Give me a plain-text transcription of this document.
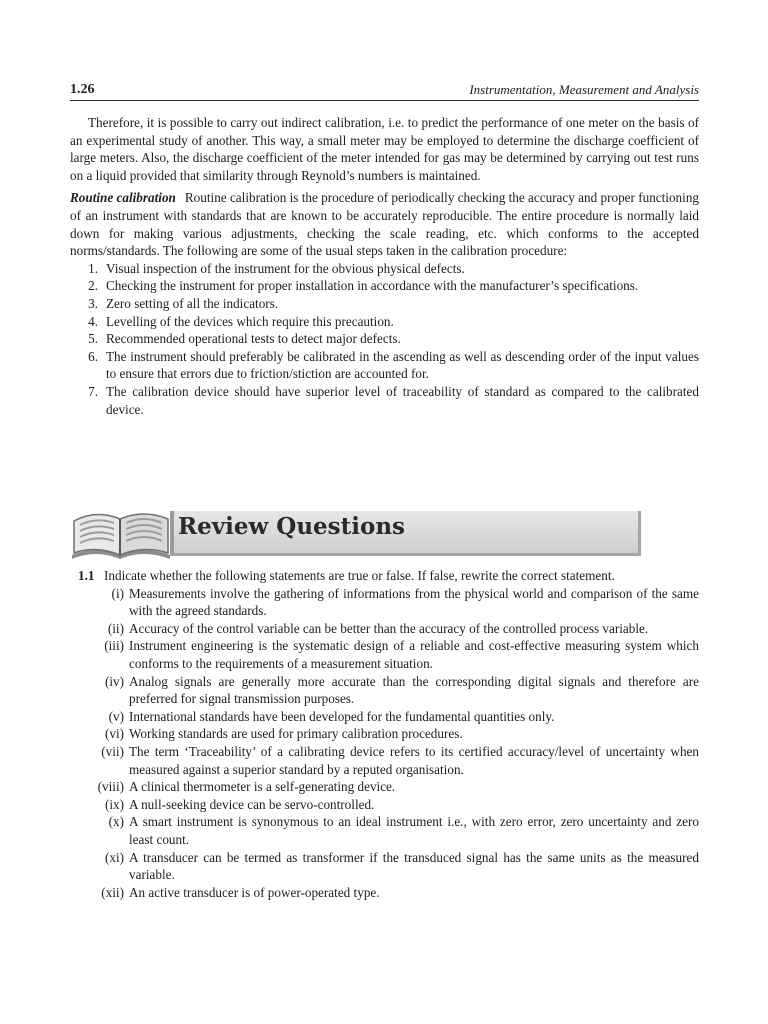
1.26	Instrumentation, Measurement and Analysis

Therefore, it is possible to carry out indirect calibration, i.e. to predict the performance of one meter on the basis of an experimental study of another. This way, a small meter may be employed to determine the discharge coefficient of large meters. Also, the discharge coefficient of the meter intended for gas may be determined by carrying out test runs on a liquid provided that similarity through Reynold’s numbers is maintained.

Routine calibration Routine calibration is the procedure of periodically checking the accuracy and proper functioning of an instrument with standards that are known to be accurately reproducible. The entire procedure is normally laid down for making various adjustments, checking the scale reading, etc. which conforms to the accepted norms/standards. The following are some of the usual steps taken in the calibration procedure:

1. Visual inspection of the instrument for the obvious physical defects.
2. Checking the instrument for proper installation in accordance with the manufacturer’s specifications.
3. Zero setting of all the indicators.
4. Levelling of the devices which require this precaution.
5. Recommended operational tests to detect major defects.
6. The instrument should preferably be calibrated in the ascending as well as descending order of the input values to ensure that errors due to friction/stiction are accounted for.
7. The calibration device should have superior level of traceability of standard as compared to the calibrated device.
Review Questions
1.1 Indicate whether the following statements are true or false. If false, rewrite the correct statement.
(i) Measurements involve the gathering of informations from the physical world and comparison of the same with the agreed standards.
(ii) Accuracy of the control variable can be better than the accuracy of the controlled process variable.
(iii) Instrument engineering is the systematic design of a reliable and cost-effective measuring system which conforms to the requirements of a measurement situation.
(iv) Analog signals are generally more accurate than the corresponding digital signals and therefore are preferred for signal transmission purposes.
(v) International standards have been developed for the fundamental quantities only.
(vi) Working standards are used for primary calibration procedures.
(vii) The term ‘Traceability’ of a calibrating device refers to its certified accuracy/level of uncertainty when measured against a superior standard by a reputed organisation.
(viii) A clinical thermometer is a self-generating device.
(ix) A null-seeking device can be servo-controlled.
(x) A smart instrument is synonymous to an ideal instrument i.e., with zero error, zero uncertainty and zero least count.
(xi) A transducer can be termed as transformer if the transduced signal has the same units as the measured variable.
(xii) An active transducer is of power-operated type.
